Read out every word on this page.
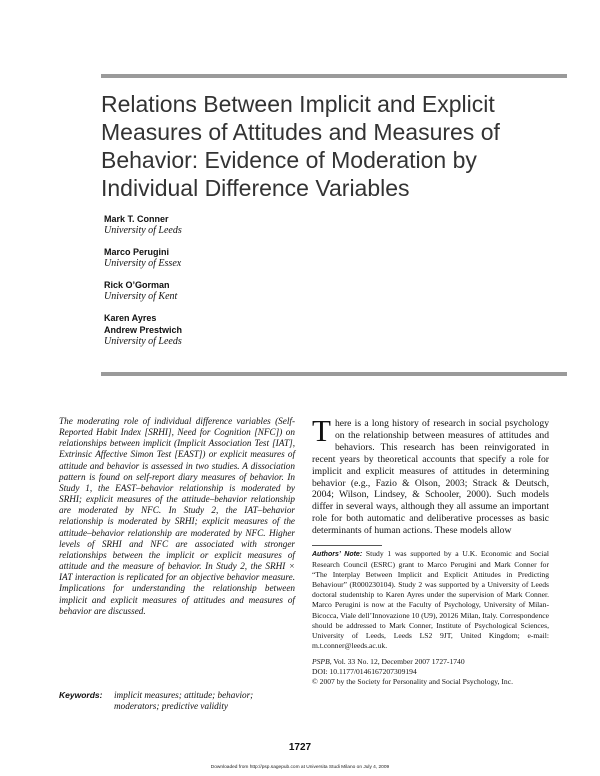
Relations Between Implicit and Explicit
Measures of Attitudes and Measures of
Behavior: Evidence of Moderation by
Individual Difference Variables
Mark T. Conner
University of Leeds
Marco Perugini
University of Essex
Rick O’Gorman
University of Kent
Karen Ayres
Andrew Prestwich
University of Leeds

The moderating role of individual difference variables (Self-Reported Habit Index [SRHI], Need for Cognition [NFC]) on relationships between implicit (Implicit Association Test [IAT], Extrinsic Affective Simon Test [EAST]) or explicit measures of attitude and behavior is assessed in two studies. A dissociation pattern is found on self-report diary measures of behavior. In Study 1, the EAST–behavior relationship is moderated by SRHI; explicit measures of the attitude–behavior relationship are moderated by NFC. In Study 2, the IAT–behavior relationship is moderated by SRHI; explicit measures of the attitude–behavior relationship are moderated by NFC. Higher levels of SRHI and NFC are associated with stronger relationships between the implicit or explicit measures of attitude and the measure of behavior. In Study 2, the SRHI × IAT interaction is replicated for an objective behavior measure. Implications for understanding the relationship between implicit and explicit measures of attitudes and measures of behavior are discussed.

Keywords: implicit measures; attitude; behavior; moderators; predictive validity

There is a long history of research in social psychology on the relationship between measures of attitudes and behaviors. This research has been reinvigorated in recent years by theoretical accounts that specify a role for implicit and explicit measures of attitudes in determining behavior (e.g., Fazio & Olson, 2003; Strack & Deutsch, 2004; Wilson, Lindsey, & Schooler, 2000). Such models differ in several ways, although they all assume an important role for both automatic and deliberative processes as basic determinants of human actions. These models allow

Authors’ Note: Study 1 was supported by a U.K. Economic and Social Research Council (ESRC) grant to Marco Perugini and Mark Conner for “The Interplay Between Implicit and Explicit Attitudes in Predicting Behaviour” (R000230104). Study 2 was supported by a University of Leeds doctoral studentship to Karen Ayres under the supervision of Mark Conner. Marco Perugini is now at the Faculty of Psychology, University of Milan-Bicocca, Viale dell’Innovazione 10 (U9), 20126 Milan, Italy. Correspondence should be addressed to Mark Conner, Institute of Psychological Sciences, University of Leeds, Leeds LS2 9JT, United Kingdom; e-mail: m.t.conner@leeds.ac.uk.

PSPB, Vol. 33 No. 12, December 2007 1727-1740
DOI: 10.1177/0146167207309194
© 2007 by the Society for Personality and Social Psychology, Inc.
1727
Downloaded from http://psp.sagepub.com at Universita Studi Milano on July 4, 2009
